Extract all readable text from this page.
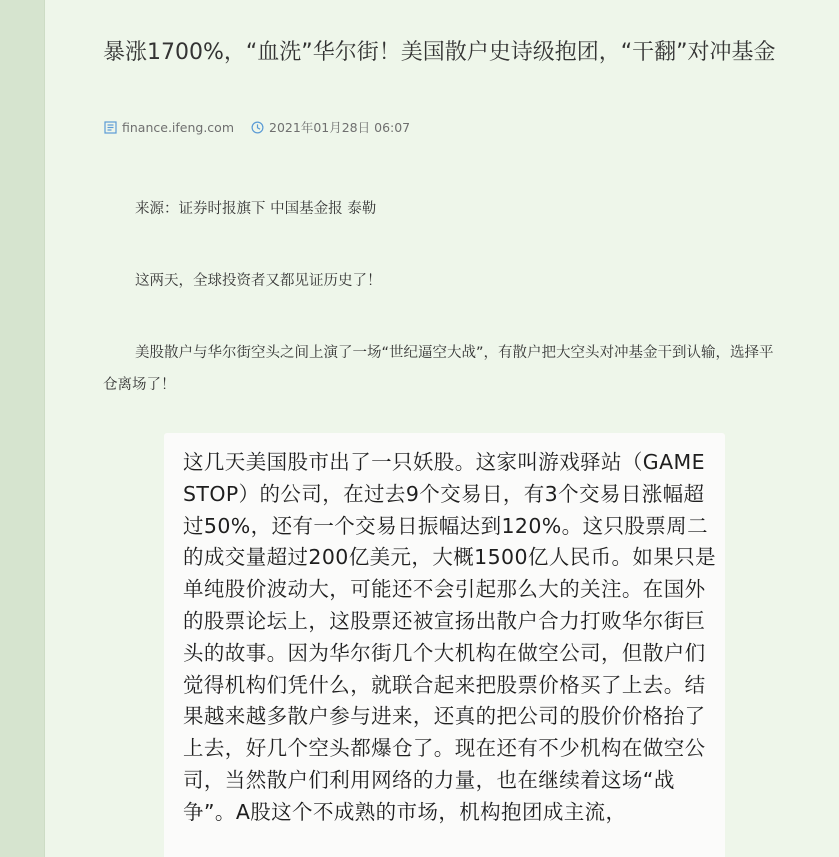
暴涨1700%，“血洗”华尔街！美国散户史诗级抱团，“干翻”对冲基金
finance.ifeng.com	2021年01月28日 06:07

来源：证券时报旗下 中国基金报 泰勒

这两天，全球投资者又都见证历史了！

美股散户与华尔街空头之间上演了一场“世纪逼空大战”，有散户把大空头对冲基金干到认输，选择平仓离场了！

这几天美国股市出了一只妖股。这家叫游戏驿站（GAME STOP）的公司，在过去9个交易日，有3个交易日涨幅超过50%，还有一个交易日振幅达到120%。这只股票周二的成交量超过200亿美元，大概1500亿人民币。如果只是单纯股价波动大，可能还不会引起那么大的关注。在国外的股票论坛上，这股票还被宣扬出散户合力打败华尔街巨头的故事。因为华尔街几个大机构在做空公司，但散户们觉得机构们凭什么，就联合起来把股票价格买了上去。结果越来越多散户参与进来，还真的把公司的股价价格抬了上去，好几个空头都爆仓了。现在还有不少机构在做空公司，当然散户们利用网络的力量，也在继续着这场“战争”。A股这个不成熟的市场，机构抱团成主流，
